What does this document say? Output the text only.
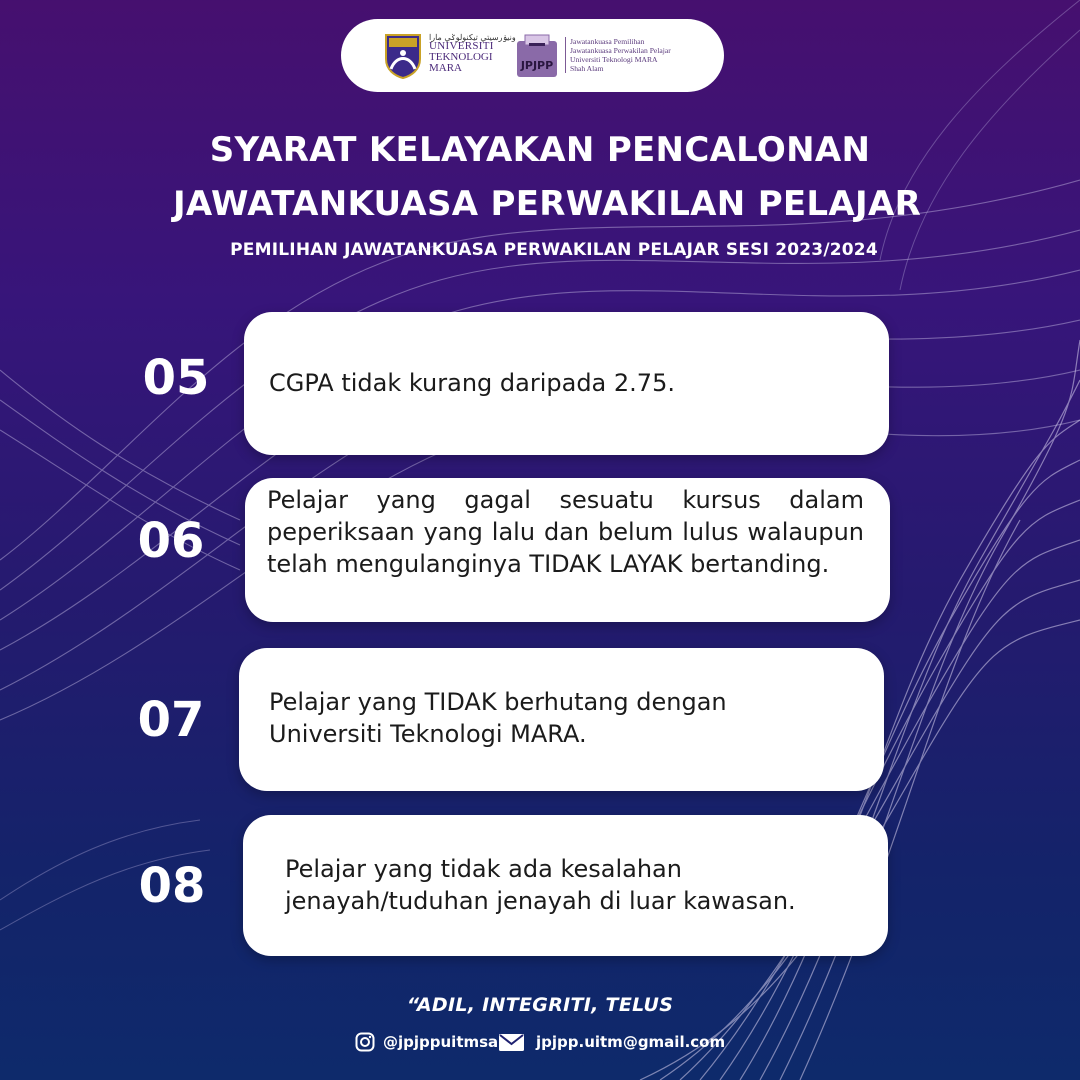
ونيۏرسيتي تيكنولوݢي مارا
UNIVERSITI
TEKNOLOGI
MARA	JPJPP
Jawatankuasa Pemilihan
Jawatankuasa Perwakilan Pelajar
Universiti Teknologi MARA
Shah Alam
SYARAT KELAYAKAN PENCALONAN
JAWATANKUASA PERWAKILAN PELAJAR

PEMILIHAN JAWATANKUASA PERWAKILAN PELAJAR SESI 2023/2024

05	CGPA tidak kurang daripada 2.75.

06

Pelajar yang gagal sesuatu kursus dalam peperiksaan yang lalu dan belum lulus walaupun telah mengulanginya TIDAK LAYAK bertanding.

07	Pelajar yang TIDAK berhutang dengan Universiti Teknologi MARA.

08	Pelajar yang tidak ada kesalahan jenayah/tuduhan jenayah di luar kawasan.

“ADIL, INTEGRITI, TELUS

@jpjppuitmsa	jpjpp.uitm@gmail.com
